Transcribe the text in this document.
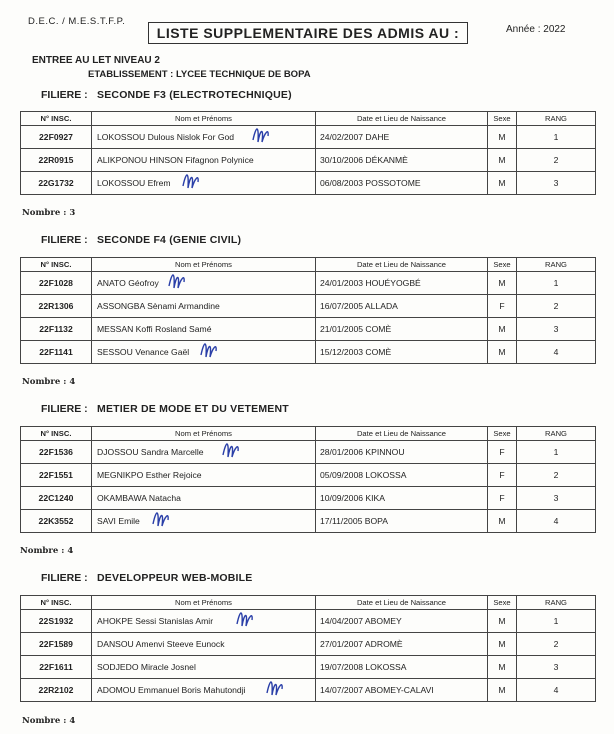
D.E.C. / M.E.S.T.F.P.
LISTE SUPPLEMENTAIRE DES ADMIS AU :	Année : 2022
ENTREE AU LET NIVEAU 2
ETABLISSEMENT : LYCEE TECHNIQUE DE BOPA
FILIERE : SECONDE F3 (ELECTROTECHNIQUE)
N° INSC.	Nom et Prénoms	Date et Lieu de Naissance	Sexe	RANG
22F0927	LOKOSSOU Dulous Nislok For God	24/02/2007 DAHE	M	1
22R0915	ALIKPONOU HINSON Fifagnon Polynice	30/10/2006 DÉKANMÈ	M	2
22G1732	LOKOSSOU Efrem	06/08/2003 POSSOTOME	M	3
Nombre : 3
FILIERE : SECONDE F4 (GENIE CIVIL)
N° INSC.	Nom et Prénoms	Date et Lieu de Naissance	Sexe	RANG
22F1028	ANATO Géofroy	24/01/2003 HOUÉYOGBÉ	M	1
22R1306	ASSONGBA Sènami Armandine	16/07/2005 ALLADA	F	2
22F1132	MESSAN Koffi Rosland Samé	21/01/2005 COMÈ	M	3
22F1141	SESSOU Venance Gaël	15/12/2003 COMÈ	M	4
Nombre : 4
FILIERE : METIER DE MODE ET DU VETEMENT
N° INSC.	Nom et Prénoms	Date et Lieu de Naissance	Sexe	RANG
22F1536	DJOSSOU Sandra Marcelle	28/01/2006 KPINNOU	F	1
22F1551	MEGNIKPO Esther Rejoice	05/09/2008 LOKOSSA	F	2
22C1240	OKAMBAWA Natacha	10/09/2006 KIKA	F	3
22K3552	SAVI Emile	17/11/2005 BOPA	M	4
Nombre : 4
FILIERE : DEVELOPPEUR WEB-MOBILE
N° INSC.	Nom et Prénoms	Date et Lieu de Naissance	Sexe	RANG
22S1932	AHOKPE Sessi Stanislas Amir	14/04/2007 ABOMEY	M	1
22F1589	DANSOU Amenvi Steeve Eunock	27/01/2007 ADROMÈ	M	2
22F1611	SODJEDO Miracle Josnel	19/07/2008 LOKOSSA	M	3
22R2102	ADOMOU Emmanuel Boris Mahutondji	14/07/2007 ABOMEY-CALAVI	M	4
Nombre : 4
